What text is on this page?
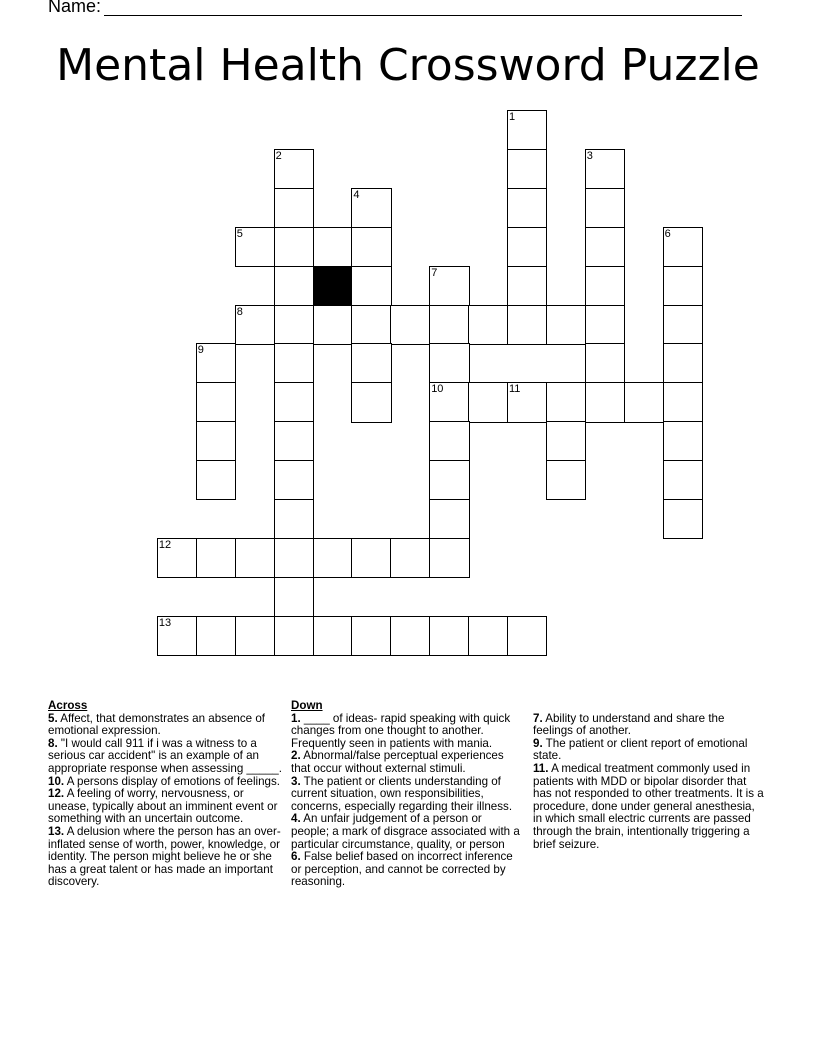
Name:
Mental Health Crossword Puzzle
1
2	3
4
5	6
7
8
9
10	11
12
13

Across

5. Affect, that demonstrates an absence of emotional expression.

8. "I would call 911 if i was a witness to a serious car accident" is an example of an appropriate response when assessing _____.

10. A persons display of emotions of feelings.

12. A feeling of worry, nervousness, or unease, typically about an imminent event or something with an uncertain outcome.

13. A delusion where the person has an over-inflated sense of worth, power, knowledge, or identity. The person might believe he or she has a great talent or has made an important discovery.

Down

1. ____ of ideas- rapid speaking with quick changes from one thought to another. Frequently seen in patients with mania.

2. Abnormal/false perceptual experiences that occur without external stimuli.

3. The patient or clients understanding of current situation, own responsibilities, concerns, especially regarding their illness.

4. An unfair judgement of a person or people; a mark of disgrace associated with a particular circumstance, quality, or person

6. False belief based on incorrect inference or perception, and cannot be corrected by reasoning.

7. Ability to understand and share the feelings of another.

9. The patient or client report of emotional state.

11. A medical treatment commonly used in patients with MDD or bipolar disorder that has not responded to other treatments. It is a procedure, done under general anesthesia, in which small electric currents are passed through the brain, intentionally triggering a brief seizure.
